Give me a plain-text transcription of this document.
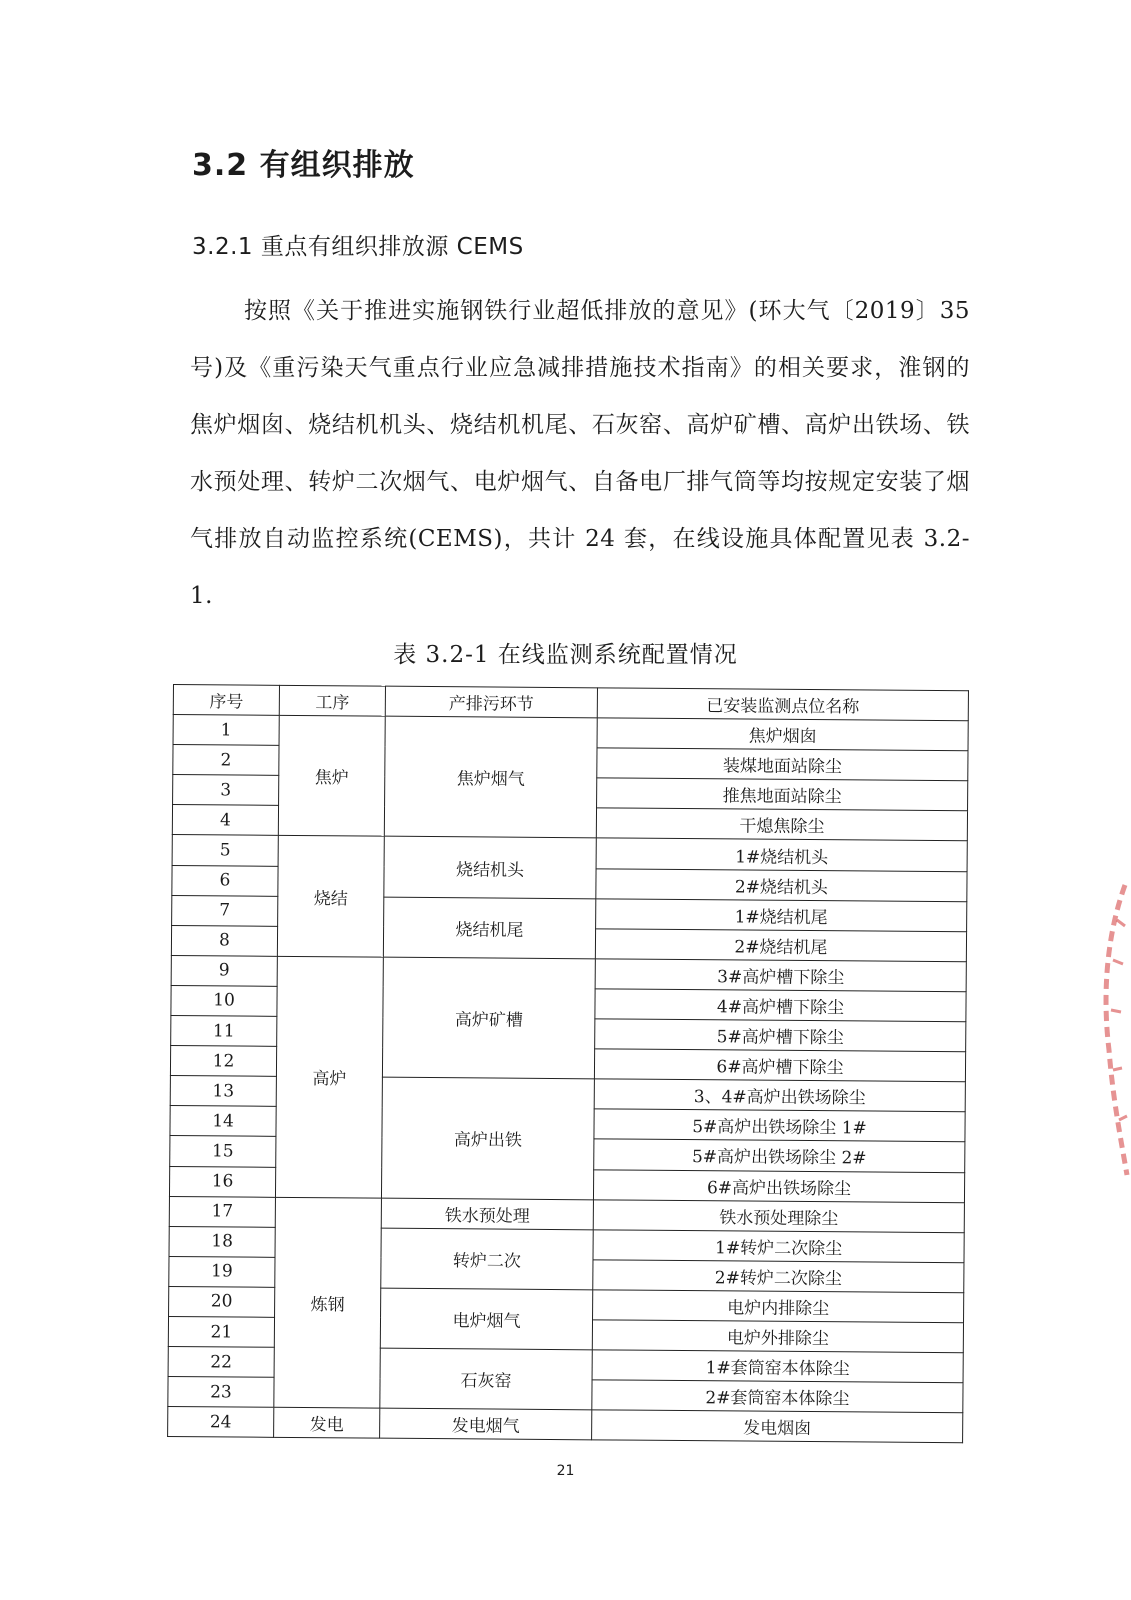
3.2 有组织排放
3.2.1 重点有组织排放源 CEMS
按照《关于推进实施钢铁行业超低排放的意见》(环大气〔2019〕35 号)及《重污染天气重点行业应急减排措施技术指南》的相关要求，淮钢的焦炉烟囱、烧结机机头、烧结机机尾、石灰窑、高炉矿槽、高炉出铁场、铁水预处理、转炉二次烟气、电炉烟气、自备电厂排气筒等均按规定安装了烟气排放自动监控系统(CEMS)，共计 24 套，在线设施具体配置见表 3.2-1.
表 3.2-1 在线监测系统配置情况
序号	工序	产排污环节	已安装监测点位名称
1	焦炉	焦炉烟气	焦炉烟囱
2			装煤地面站除尘
3			推焦地面站除尘
4			干熄焦除尘
5	烧结	烧结机头	1#烧结机头
6			2#烧结机头
7		烧结机尾	1#烧结机尾
8			2#烧结机尾
9	高炉	高炉矿槽	3#高炉槽下除尘
10			4#高炉槽下除尘
11			5#高炉槽下除尘
12			6#高炉槽下除尘
13		高炉出铁	3、4#高炉出铁场除尘
14			5#高炉出铁场除尘 1#
15			5#高炉出铁场除尘 2#
16			6#高炉出铁场除尘
17	炼钢	铁水预处理	铁水预处理除尘
18		转炉二次	1#转炉二次除尘
19			2#转炉二次除尘
20		电炉烟气	电炉内排除尘
21			电炉外排除尘
22		石灰窑	1#套筒窑本体除尘
23			2#套筒窑本体除尘
24	发电	发电烟气	发电烟囱
21
